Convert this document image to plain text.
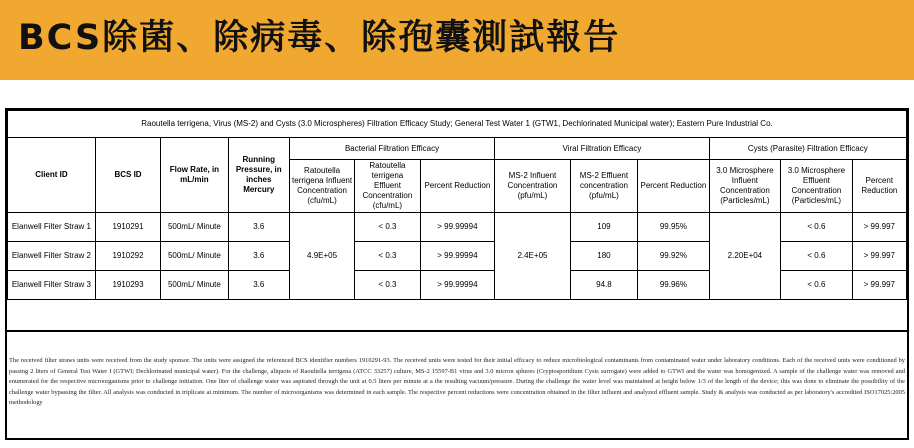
BCS除菌、除病毒、除孢囊測試報告
Raoutella terrigena, Virus (MS-2) and Cysts (3.0 Microspheres) Filtration Efficacy Study; General Test Water 1 (GTW1, Dechlorinated Municipal water); Eastern Pure Industrial Co.												
Client ID	BCS ID	Flow Rate, in mL/min	Running Pressure, in inches Mercury	Bacterial Filtration Efficacy			Viral Filtration Efficacy			Cysts (Parasite) Filtration Efficacy		
				Ratoutella terrigena Influent Concentration (cfu/mL)	Ratoutella terrigena Effluent Concentration (cfu/mL)	Percent Reduction	MS-2 Influent Concentration (pfu/mL)	MS-2 Effluent concentration (pfu/mL)	Percent Reduction	3.0 Microsphere Influent Concentration (Particles/mL)	3.0 Microsphere Effluent Concentration (Particles/mL)	Percent Reduction
Elanwell Filter Straw 1	1910291	500mL/ Minute	3.6	4.9E+05	< 0.3	> 99.99994	2.4E+05	109	99.95%	2.20E+04	< 0.6	> 99.997
Elanwell Filter Straw 2	1910292	500mL/ Minute	3.6		< 0.3	> 99.99994		180	99.92%		< 0.6	> 99.997
Elanwell Filter Straw 3	1910293	500mL/ Minute	3.6		< 0.3	> 99.99994		94.8	99.96%		< 0.6	> 99.997

The received filter straws units were received from the study sponsor. The units were assigned the referenced BCS identifier numbers 1910291-93. The received units were tested for their initial efficacy to reduce microbiological contaminants from contaminated water under laboratory conditions. Each of the received units were conditioned by passing 2 liters of General Test Water I (GTWI; Dechlorinated municipal water). For the challenge, aliquots of Raoultella terrigena (ATCC 33257) culture, MS-2 15597-B1 virus and 3.0 micron spheres (Cryptosporidium Cysts surrogate) were added to GTWI and the water was homogenized. A sample of the challenge water was removed and enumerated for the respective microorganisms prior to challenge initiation. One liter of challenge water was aspirated through the unit at 0.5 liters per minute at a the resulting vacuum/pressure. During the challenge the water level was maintained at height below 1/3 of the length of the device; this was done to eliminate the possibility of the challenge water bypassing the filter. All analysis was conducted in triplicate at minimum. The number of microorganisms was determined in each sample. The respective percent reductions were concentration obtained in the filter influent and analyzed effluent sample. Study & analysis was conducted as per laboratory's accredited ISO17025:2005 methodology
